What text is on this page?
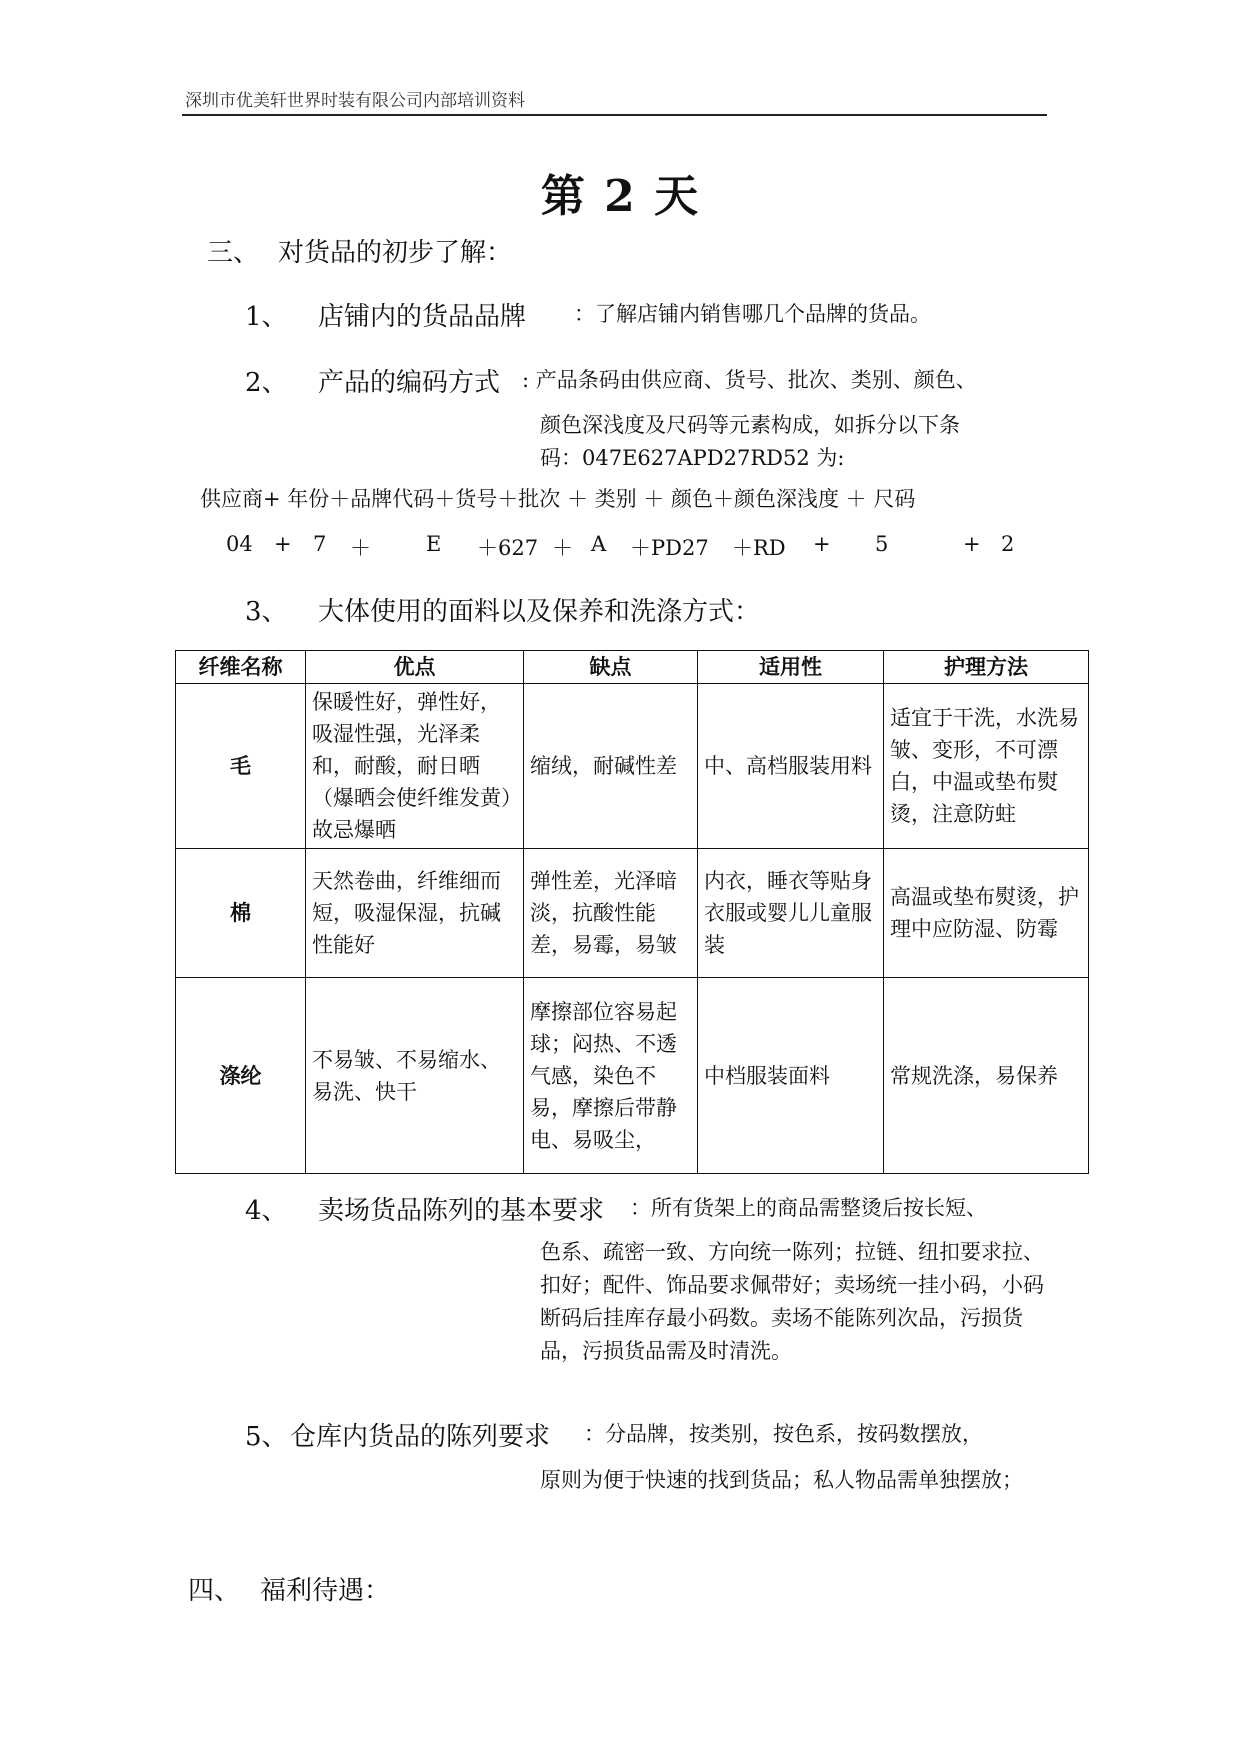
深圳市优美轩世界时装有限公司内部培训资料
第 2 天
三、 对货品的初步了解：
1、 店铺内的货品品牌 ：了解店铺内销售哪几个品牌的货品。
2、 产品的编码方式 : 产品条码由供应商、货号、批次、类别、颜色、
颜色深浅度及尺码等元素构成，如拆分以下条
码：047E627APD27RD52 为:
供应商+ 年份＋品牌代码＋货号＋批次 ＋ 类别 ＋ 颜色＋颜色深浅度 ＋ 尺码
04 + 7 ＋	E ＋627 ＋ A ＋PD27 ＋RD + 5	+ 2
3、 大体使用的面料以及保养和洗涤方式：
纤维名称	优点	缺点	适用性	护理方法
毛	保暖性好，弹性好，吸湿性强，光泽柔和，耐酸，耐日晒（爆晒会使纤维发黄）故忌爆晒	缩绒，耐碱性差	中、高档服装用料	适宜于干洗，水洗易皱、变形，不可漂白，中温或垫布熨烫，注意防蛀
棉	天然卷曲，纤维细而短，吸湿保湿，抗碱性能好	弹性差，光泽暗淡，抗酸性能差，易霉，易皱	内衣，睡衣等贴身衣服或婴儿儿童服装	高温或垫布熨烫，护理中应防湿、防霉
涤纶	不易皱、不易缩水、易洗、快干	摩擦部位容易起球；闷热、不透气感，染色不易，摩擦后带静电、易吸尘，	中档服装面料	常规洗涤，易保养
4、 卖场货品陈列的基本要求 ：所有货架上的商品需整烫后按长短、
色系、疏密一致、方向统一陈列；拉链、纽扣要求拉、扣好；配件、饰品要求佩带好；卖场统一挂小码，小码断码后挂库存最小码数。卖场不能陈列次品，污损货品，污损货品需及时清洗。
5、 仓库内货品的陈列要求 ：分品牌，按类别，按色系，按码数摆放，
原则为便于快速的找到货品；私人物品需单独摆放；
四、 福利待遇：
